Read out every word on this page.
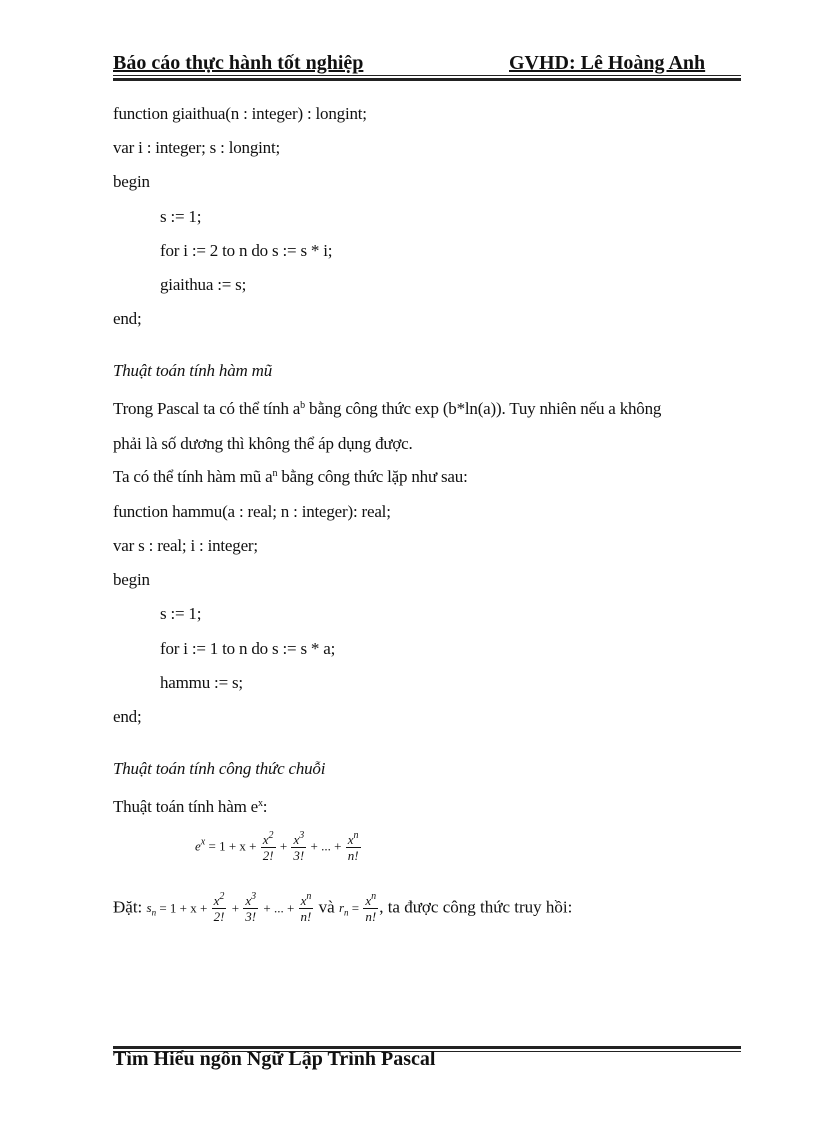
Báo cáo thực hành tốt nghiệp	GVHD: Lê Hoàng Anh
function giaithua(n : integer) : longint;
var i : integer; s : longint;
begin
s := 1;
for i := 2 to n do s := s * i;
giaithua := s;
end;
Thuật toán tính hàm mũ
Trong Pascal ta có thể tính $a^b$ bằng công thức exp (b*ln(a)). Tuy nhiên nếu a không
phải là số dương thì không thể áp dụng được.
Ta có thể tính hàm mũ $a^n$ bằng công thức lặp như sau:
function hammu(a : real; n : integer): real;
var s : real; i : integer;
begin
s := 1;
for i := 1 to n do s := s * a;
hammu := s;
end;
Thuật toán tính công thức chuỗi
Thuật toán tính hàm $e^x$:
$e^x = 1 + x + \frac{x^2}{2!} + \frac{x^3}{3!}$ + ... + $\frac{x^n}{n!}$
Đặt: $s_n = 1 + x + \frac{x^2}{2!} + \frac{x^3}{3!}$ + ... + $\frac{x^n}{n!}$ và $r_n = \frac{x^n}{n!}$ , ta được công thức truy hồi:
Tìm Hiểu ngôn Ngữ Lập Trình Pascal
